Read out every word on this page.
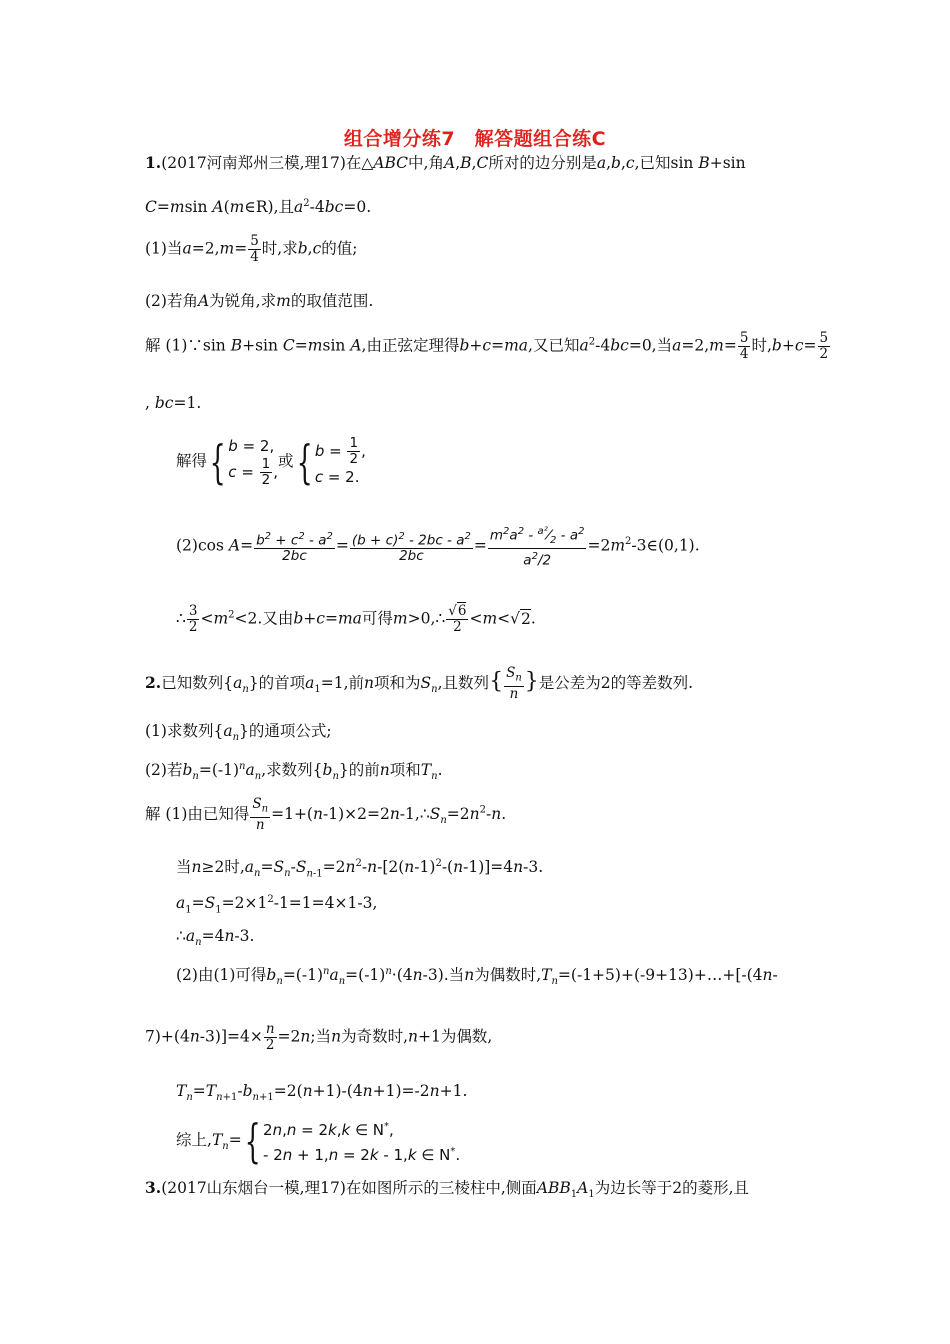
组合增分练7　解答题组合练C
1.(2017河南郑州三模,理17)在△ABC中,角A,B,C所对的边分别是a,b,c,已知sin B+sin
C=msin A(m∈R),且$a^2-4bc=0$.
(1)当$a=2,m= \frac{5}{4}$ 时,求b,c的值;
(2)若角A为锐角,求m的取值范围.
解 (1)∵sin B+sin C=msin A,由正弦定理得b+c=ma,又已知$a^2-4bc=0$,当$a=2,m= \frac{5}{4}$ 时$,b+c= \frac{5}{2}$
, bc=1.
解得 { b = 2,
$c = \frac{1}{2}$ ,
或 { $b = \frac{1}{2}$ ,
c = 2.
(2)cos $A= \frac{b^2 + c^2 - a^2}{2bc} = \frac{(b + c)^2 - 2bc - a^2}{2bc} = \frac{m^2a^2 - ^{a^2}⁄_2 - a^2}{a^2/2}$ $=2m^2-3\in(0,1)$.
∴ $\frac{3}{2} <m^2<2$.又由b+c=ma可得m>0,∴ $\frac{√6}{2} <m<√2$.
2.已知数列$\{a_n\}$的首项$a_1=1$,前n项和为$S_n$,且数列{ $\frac{S_n}{n}$ }是公差为2的等差数列.
(1)求数列$\{a_n\}$的通项公式;
(2)若$b_n=(-1)^na_n$,求数列$\{b_n\}$的前n项和$T_n$.
解 (1)由已知得 $\frac{S_n}{n}$ $=1+(n-1)\times 2=2n-1,\therefore S_n=2n^2-n$.
当n≥2时$,a_n=S_n-S_{n-1}=2n^2-n-[2(n-1)^2-(n-1)]=4n-3$.
$a_1=S_1=2\times 1^2-1=1=4\times 1-3$,
$\therefore a_n=4n-3$.
(2)由(1)可得$b_n=(-1)^na_n=(-1)^n\cdot(4n-3)$.当n为偶数时$,T_n=(-1+5)+(-9+13)+\dots+[-(4n-$
$7)+(4n-3)]=4\times \frac{n}{2} =2n$;当n为奇数时,n+1为偶数,
$T_n=T_{n+1}-b_{n+1}=2(n+1)-(4n+1)=-2n+1$.
综上$,T_n=$ { 2n,n = 2k,k ∈ N*,
- 2n + 1,n = 2k - 1,k ∈ N*.
3.(2017山东烟台一模,理17)在如图所示的三棱柱中,侧面$ABB_1A_1$为边长等于2的菱形,且
